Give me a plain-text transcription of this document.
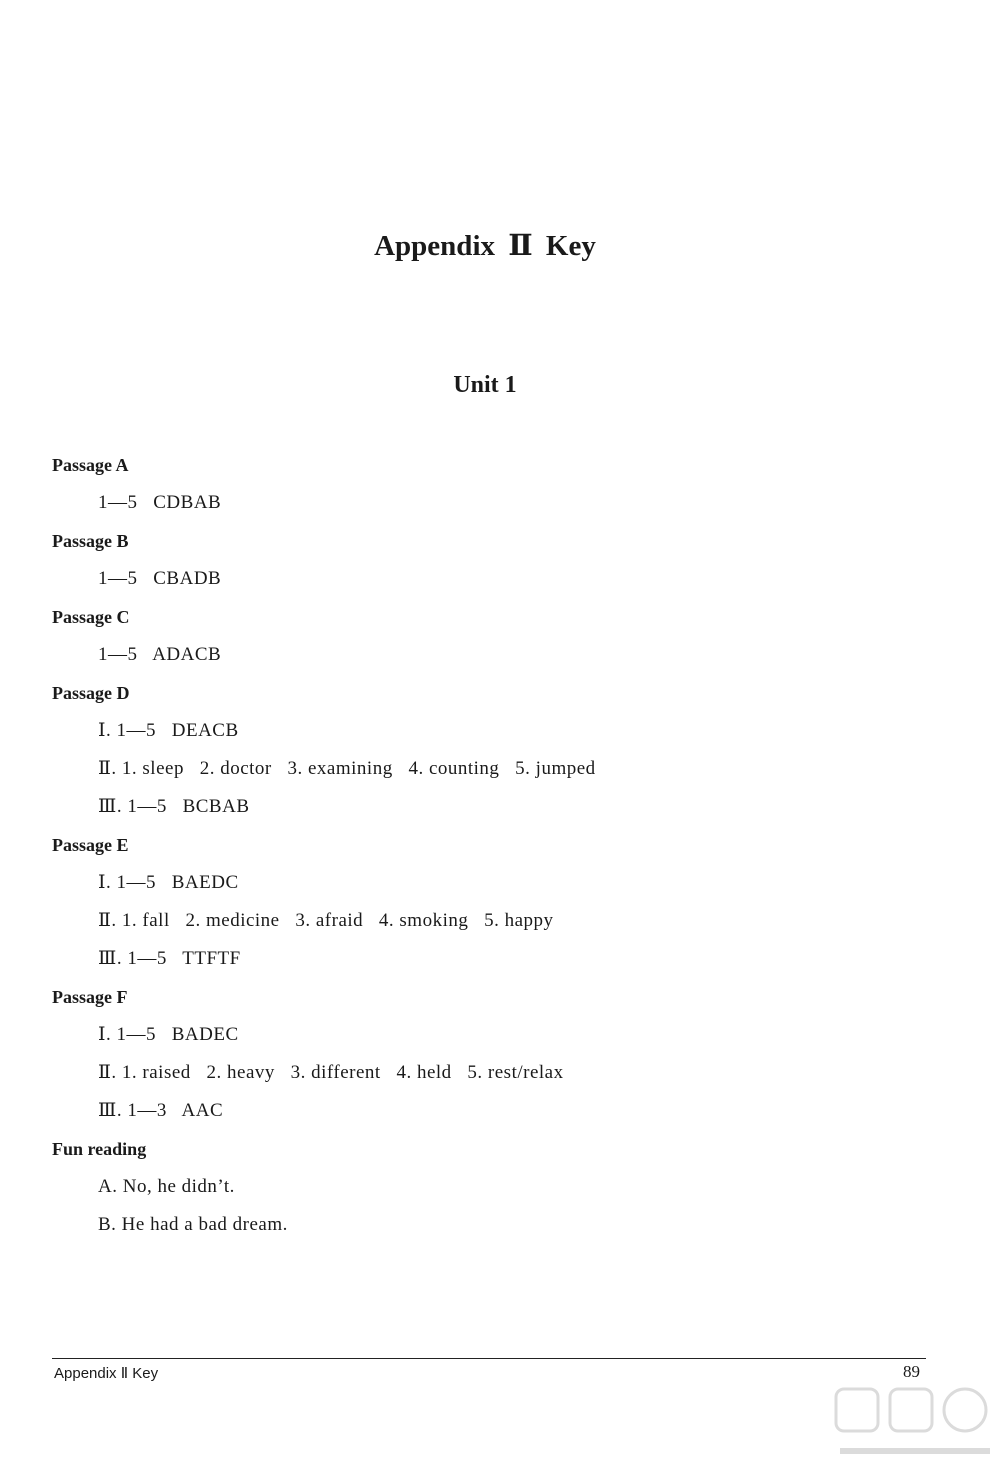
Appendix Ⅱ Key
Unit 1
Passage A
1—5   CDBAB
Passage B
1—5   CBADB
Passage C
1—5   ADACB
Passage D
Ⅰ. 1—5   DEACB
Ⅱ. 1. sleep   2. doctor   3. examining   4. counting   5. jumped
Ⅲ. 1—5   BCBAB
Passage E
Ⅰ. 1—5   BAEDC
Ⅱ. 1. fall   2. medicine   3. afraid   4. smoking   5. happy
Ⅲ. 1—5   TTFTF
Passage F
Ⅰ. 1—5   BADEC
Ⅱ. 1. raised   2. heavy   3. different   4. held   5. rest/relax
Ⅲ. 1—3   AAC
Fun reading
A. No, he didn’t.
B. He had a bad dream.
Appendix Ⅱ Key	89
